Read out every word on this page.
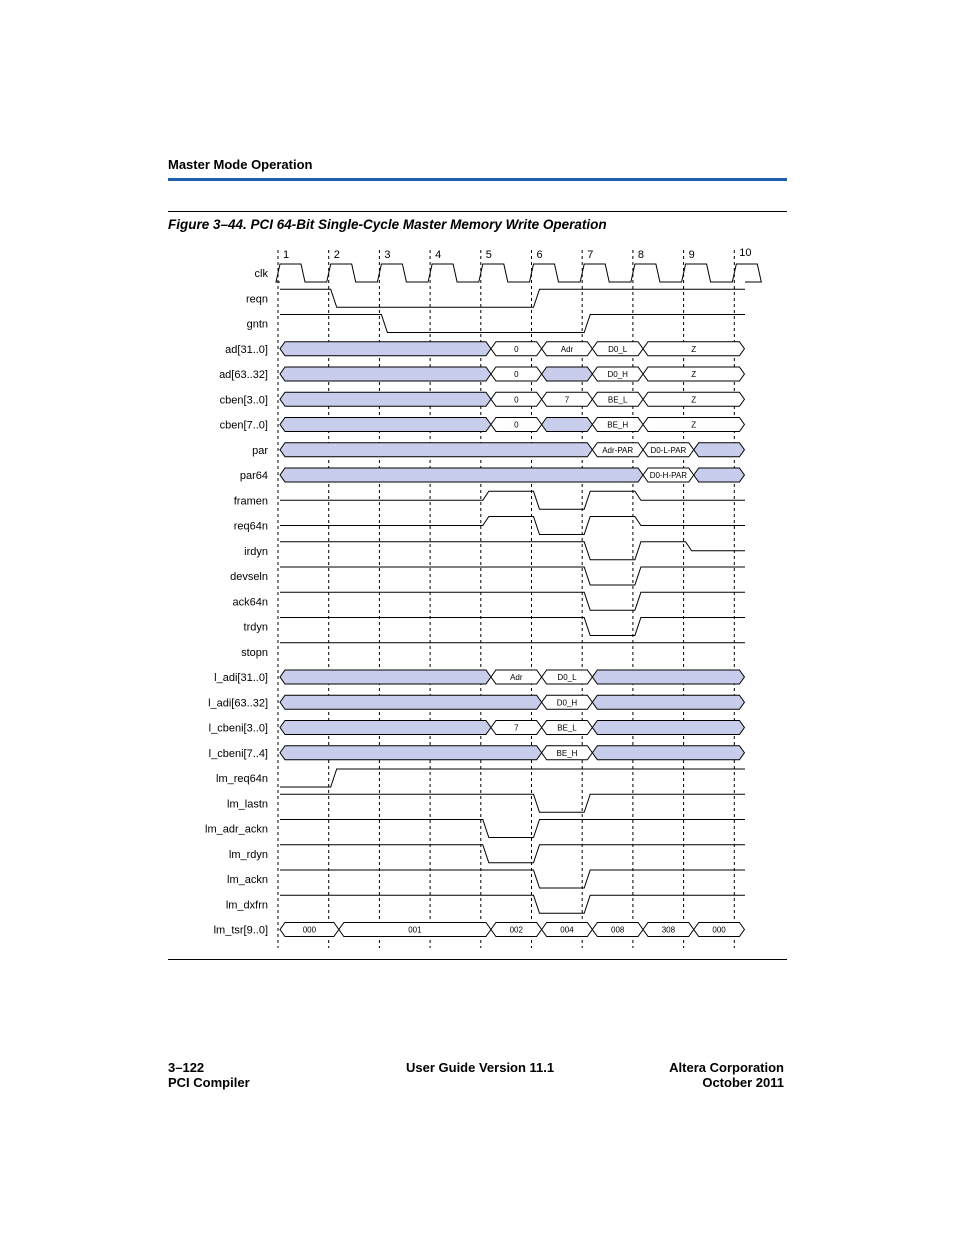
Master Mode Operation
Figure 3–44. PCI 64-Bit Single-Cycle Master Memory Write Operation
1	2	3	4	5	6	7	8	9	10
clk
reqn
gntn
ad[31..0]	0	Adr	D0_L	Z
ad[63..32]	0	D0_H	Z
cben[3..0]	0	7	BE_L	Z
cben[7..0]	0	BE_H	Z
par	Adr-PAR D0-L-PAR
par64	D0-H-PAR
framen
req64n
irdyn
devseln
ack64n
trdyn
stopn
l_adi[31..0]	Adr	D0_L
l_adi[63..32]	D0_H
l_cbeni[3..0]	7	BE_L
l_cbeni[7..4]	BE_H
lm_req64n
lm_lastn
lm_adr_ackn
lm_rdyn
lm_ackn
lm_dxfrn
lm_tsr[9..0]	000	001	002	004	008	308	000
3–122
PCI Compiler
User Guide Version 11.1	Altera Corporation
October 2011
